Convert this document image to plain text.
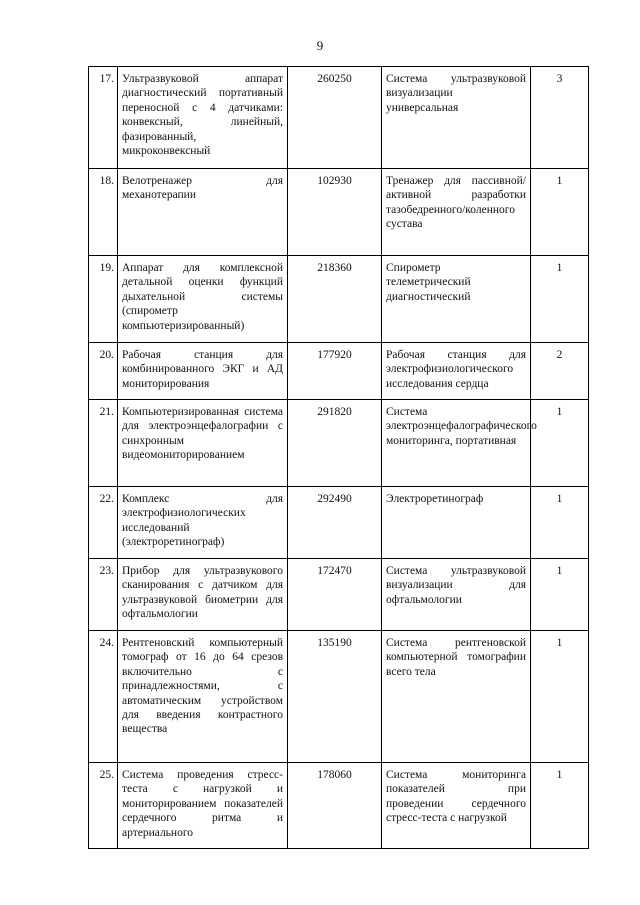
9
17.	Ультразвуковой аппарат диагностический портативный переносной с 4 датчиками: конвексный, линейный, фазированный, микроконвексный	260250	Система ультразвуковой визуализации универсальная	3
18.	Велотренажер для механотерапии	102930	Тренажер для пассивной/активной разработки тазобедренного/коленного сустава	1
19.	Аппарат для комплексной детальной оценки функций дыхательной системы (спирометр компьютеризированный)	218360	Спирометр телеметрический диагностический	1
20.	Рабочая станция для комбинированного ЭКГ и АД мониторирования	177920	Рабочая станция для электрофизиологического исследования сердца	2
21.	Компьютеризированная система для электроэнцефалографии с синхронным видеомониторированием	291820	Система электроэнцефалографического мониторинга, портативная	1
22.	Комплекс для электрофизиологических исследований (электроретинограф)	292490	Электроретинограф	1
23.	Прибор для ультразвукового сканирования с датчиком для ультразвуковой биометрии для офтальмологии	172470	Система ультразвуковой визуализации для офтальмологии	1
24.	Рентгеновский компьютерный томограф от 16 до 64 срезов включительно с принадлежностями, с автоматическим устройством для введения контрастного вещества	135190	Система рентгеновской компьютерной томографии всего тела	1
25.	Система проведения стресс-теста с нагрузкой и мониторированием показателей сердечного ритма и артериального	178060	Система мониторинга показателей при проведении сердечного стресс-теста с нагрузкой	1
